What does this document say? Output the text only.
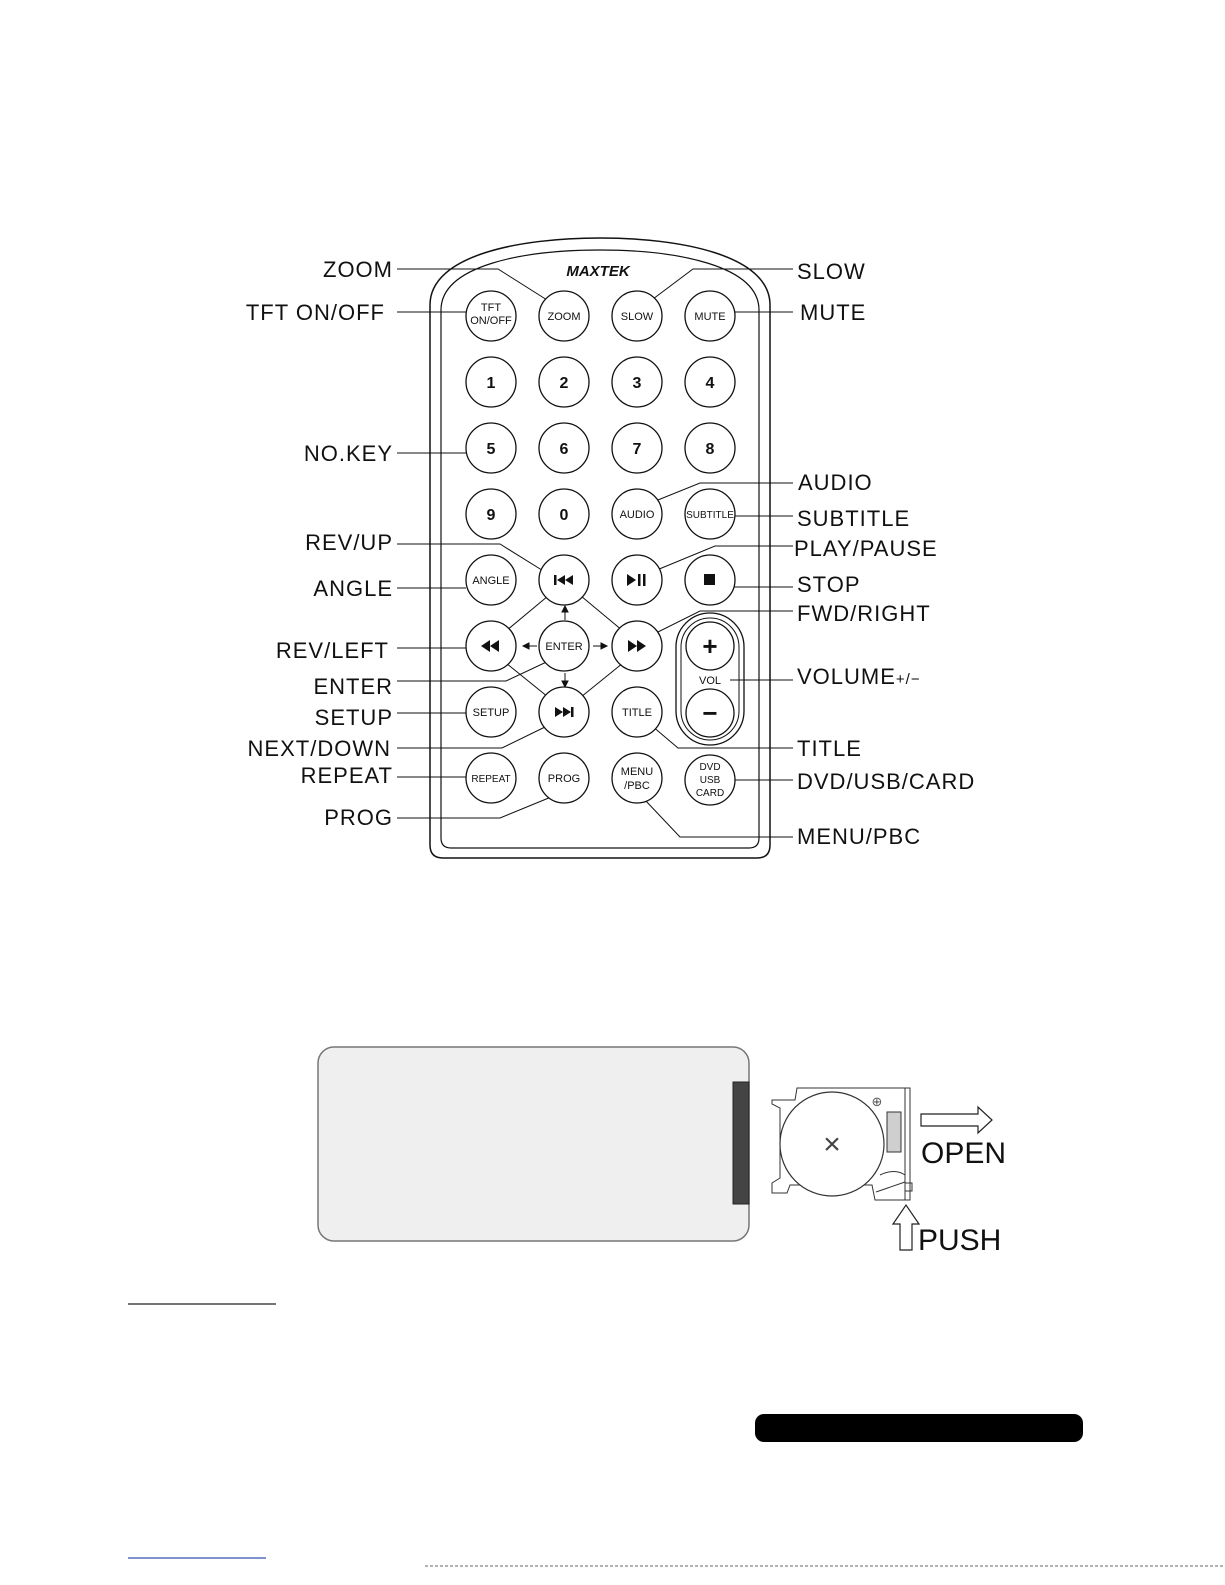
MAXTEK
TFT
ON/OFF	ZOOM	SLOW	MUTE
1	2	3	4
5	6	7	8
9	0	AUDIO	SUBTITLE
ANGLE
ENTER
VOL
+
−
SETUP	TITLE
REPEAT	PROG
MENU
/PBC
DVD
USB
CARD
ZOOM
TFT ON/OFF
NO.KEY
REV/UP
ANGLE
REV/LEFT
ENTER
SETUP
NEXT/DOWN
REPEAT
PROG
SLOW
MUTE
AUDIO
SUBTITLE
PLAY/PAUSE
STOP
FWD/RIGHT
VOLUME+/−
TITLE
DVD/USB/CARD
MENU/PBC
×
⊕
OPEN
PUSH
